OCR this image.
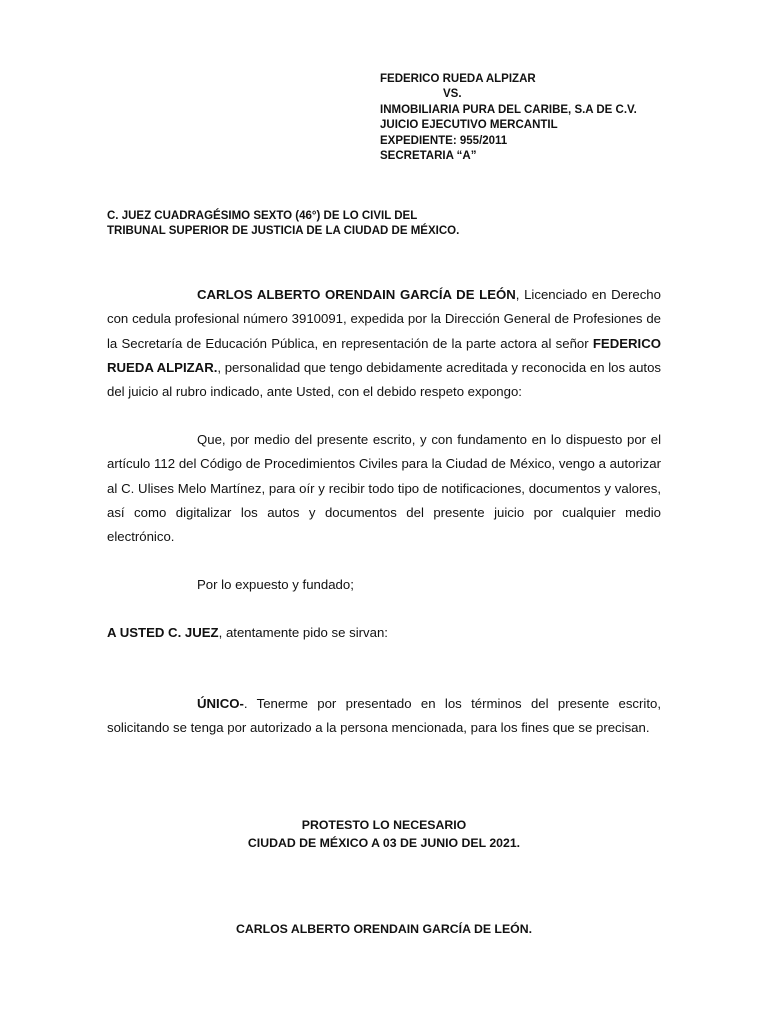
FEDERICO RUEDA ALPIZAR
VS.
INMOBILIARIA PURA DEL CARIBE, S.A DE C.V.
JUICIO EJECUTIVO MERCANTIL
EXPEDIENTE: 955/2011
SECRETARIA “A”
C. JUEZ CUADRAGÉSIMO SEXTO (46°) DE LO CIVIL DEL
TRIBUNAL SUPERIOR DE JUSTICIA DE LA CIUDAD DE MÉXICO.
CARLOS ALBERTO ORENDAIN GARCÍA DE LEÓN, Licenciado en Derecho con cedula profesional número 3910091, expedida por la Dirección General de Profesiones de la Secretaría de Educación Pública, en representación de la parte actora al señor FEDERICO RUEDA ALPIZAR., personalidad que tengo debidamente acreditada y reconocida en los autos del juicio al rubro indicado, ante Usted, con el debido respeto expongo:
Que, por medio del presente escrito, y con fundamento en lo dispuesto por el artículo 112 del Código de Procedimientos Civiles para la Ciudad de México, vengo a autorizar al C. Ulises Melo Martínez, para oír y recibir todo tipo de notificaciones, documentos y valores, así como digitalizar los autos y documentos del presente juicio por cualquier medio electrónico.
Por lo expuesto y fundado;
A USTED C. JUEZ, atentamente pido se sirvan:
ÚNICO-. Tenerme por presentado en los términos del presente escrito, solicitando se tenga por autorizado a la persona mencionada, para los fines que se precisan.
PROTESTO LO NECESARIO
CIUDAD DE MÉXICO A 03 DE JUNIO DEL 2021.
CARLOS ALBERTO ORENDAIN GARCÍA DE LEÓN.
